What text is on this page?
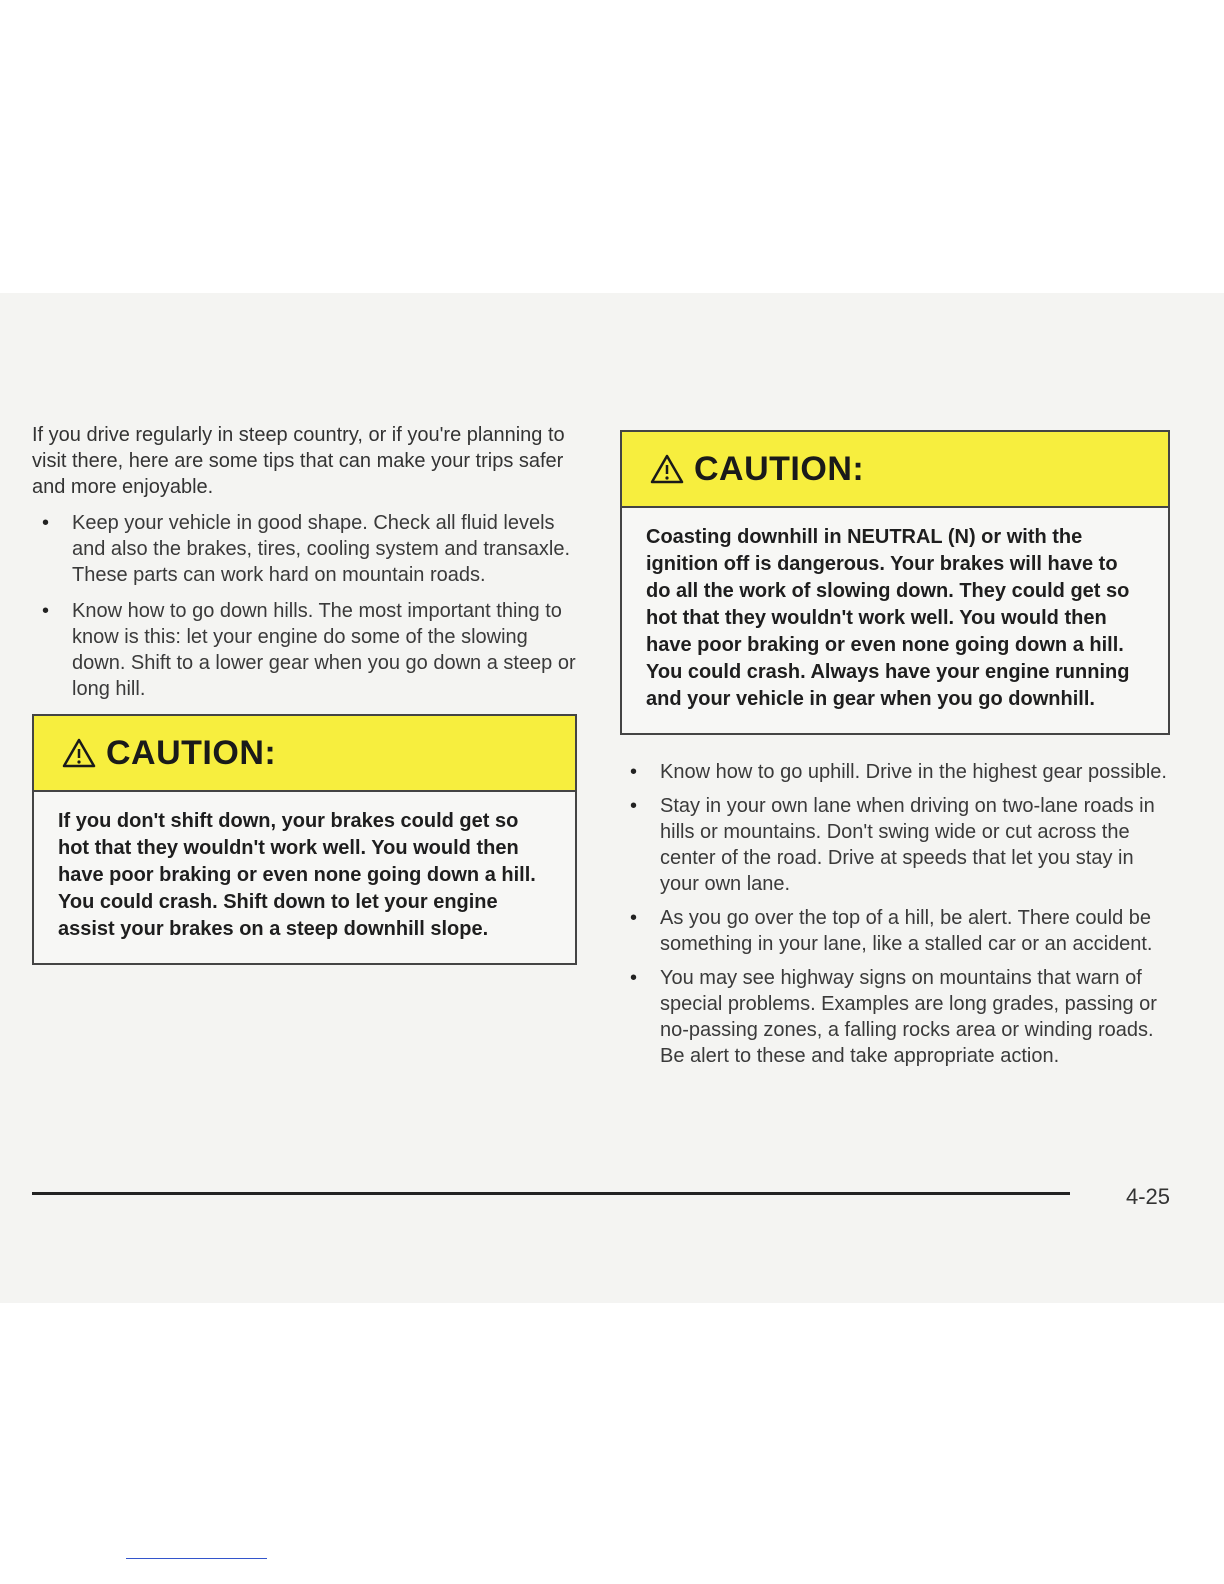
If you drive regularly in steep country, or if you're planning to visit there, here are some tips that can make your trips safer and more enjoyable.

• Keep your vehicle in good shape. Check all fluid levels and also the brakes, tires, cooling system and transaxle. These parts can work hard on mountain roads.
• Know how to go down hills. The most important thing to know is this: let your engine do some of the slowing down. Shift to a lower gear when you go down a steep or long hill.
CAUTION:
If you don't shift down, your brakes could get so hot that they wouldn't work well. You would then have poor braking or even none going down a hill. You could crash. Shift down to let your engine assist your brakes on a steep downhill slope.
CAUTION:
Coasting downhill in NEUTRAL (N) or with the ignition off is dangerous. Your brakes will have to do all the work of slowing down. They could get so hot that they wouldn't work well. You would then have poor braking or even none going down a hill. You could crash. Always have your engine running and your vehicle in gear when you go downhill.
• Know how to go uphill. Drive in the highest gear possible.
• Stay in your own lane when driving on two-lane roads in hills or mountains. Don't swing wide or cut across the center of the road. Drive at speeds that let you stay in your own lane.
• As you go over the top of a hill, be alert. There could be something in your lane, like a stalled car or an accident.
• You may see highway signs on mountains that warn of special problems. Examples are long grades, passing or no-passing zones, a falling rocks area or winding roads. Be alert to these and take appropriate action.
4-25
